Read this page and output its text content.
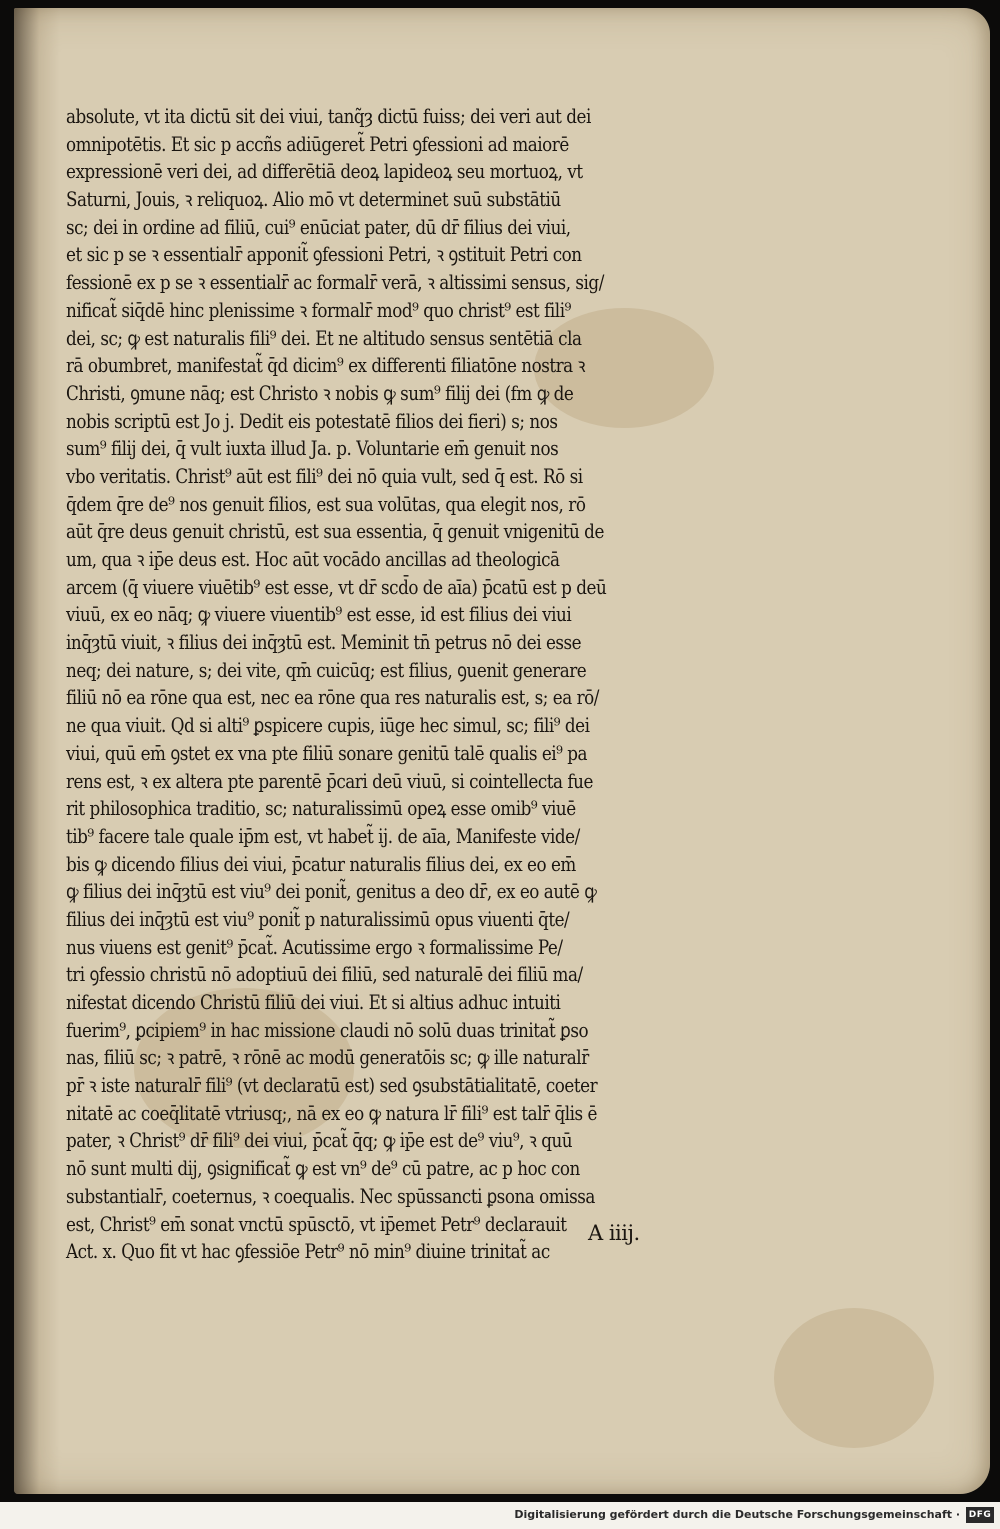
absolute, vt ita dictū sit dei viui, tanq̃ȝ dictū fuiss; dei veri aut dei
omnipotētis. Et sic p accñs adiūgeret̃ Petri ꝯfessioni ad maiorē
expressionē veri dei, ad differētiā deoꝝ lapideoꝝ seu mortuoꝝ, vt
Saturni, Jouis, ꝛ reliquoꝝ. Alio mō vt determinet suū substātiū
sc; dei in ordine ad filiū, cui⁹ enūciat pater, dū dr̄ filius dei viui,
et sic p se ꝛ essentialr̄ apponit̃ ꝯfessioni Petri, ꝛ ꝯstituit Petri con
fessionē ex p se ꝛ essentialr̄ ac formalr̄ verā, ꝛ altissimi sensus, sig/
nificat̃ siq̄dē hinc plenissime ꝛ formalr̄ mod⁹ quo christ⁹ est fili⁹
dei, sc; ꝙ est naturalis fili⁹ dei. Et ne altitudo sensus sentētiā cla
rā obumbret, manifestat̃ q̄d dicim⁹ ex differenti filiatōne nostra ꝛ
Christi, ꝯmune nāq; est Christo ꝛ nobis ꝙ sum⁹ filij dei (fm ꝙ de
nobis scriptū est Jo j. Dedit eis potestatē filios dei fieri) s; nos
sum⁹ filij dei, q̄ vult iuxta illud Ja. p. Voluntarie em̄ genuit nos
vbo veritatis. Christ⁹ aūt est fili⁹ dei nō quia vult, sed q̄ est. Rō si
q̄dem q̄re de⁹ nos genuit filios, est sua volūtas, qua elegit nos, rō
aūt q̄re deus genuit christū, est sua essentia, q̄ genuit vnigenitū de
um, qua ꝛ ip̄e deus est. Hoc aūt vocādo ancillas ad theologicā
arcem (q̄ viuere viuētib⁹ est esse, vt dr̄ scd̄o de aīa) p̄catū est p deū
viuū, ex eo nāq; ꝙ viuere viuentib⁹ est esse, id est filius dei viui
inq̄ȝtū viuit, ꝛ filius dei inq̄ȝtū est. Meminit tn̄ petrus nō dei esse
neq; dei nature, s; dei vite, qm̄ cuicūq; est filius, ꝯuenit generare
filiū nō ea rōne qua est, nec ea rōne qua res naturalis est, s; ea rō/
ne qua viuit. Qd si alti⁹ ꝑspicere cupis, iūge hec simul, sc; fili⁹ dei
viui, quū em̄ ꝯstet ex vna pte filiū sonare genitū talē qualis ei⁹ pa
rens est, ꝛ ex altera pte parentē p̄cari deū viuū, si cointellecta fue
rit philosophica traditio, sc; naturalissimū opeꝝ esse omib⁹ viuē
tib⁹ facere tale quale ip̄m est, vt habet̃ ij. de aīa, Manifeste vide/
bis ꝙ dicendo filius dei viui, p̄catur naturalis filius dei, ex eo em̄
ꝙ filius dei inq̄ȝtū est viu⁹ dei ponit̃, genitus a deo dr̄, ex eo autē ꝙ
filius dei inq̄ȝtū est viu⁹ ponit̃ p naturalissimū opus viuenti q̄te/
nus viuens est genit⁹ p̄cat̃. Acutissime ergo ꝛ formalissime Pe/
tri ꝯfessio christū nō adoptiuū dei filiū, sed naturalē dei filiū ma/
nifestat dicendo Christū filiū dei viui. Et si altius adhuc intuiti
fuerim⁹, ꝑcipiem⁹ in hac missione claudi nō solū duas trinitat̃ ꝑso
nas, filiū sc; ꝛ patrē, ꝛ rōnē ac modū generatōis sc; ꝙ ille naturalr̄
pr̄ ꝛ iste naturalr̄ fili⁹ (vt declaratū est) sed ꝯsubstātialitatē, coeter
nitatē ac coeq̄litatē vtriusq;, nā ex eo ꝙ natura lr̄ fili⁹ est talr̄ q̄lis ē
pater, ꝛ Christ⁹ dr̄ fili⁹ dei viui, p̄cat̃ q̄q; ꝙ ip̄e est de⁹ viu⁹, ꝛ quū
nō sunt multi dij, ꝯsignificat̃ ꝙ est vn⁹ de⁹ cū patre, ac p hoc con
substantialr̄, coeternus, ꝛ coequalis. Nec spūssancti ꝑsona omissa
est, Christ⁹ em̄ sonat vnctū spūsctō, vt ip̄emet Petr⁹ declarauit
Act. x. Quo fit vt hac ꝯfessiōe Petr⁹ nō min⁹ diuine trinitat̃ ac
A iiij.
Digitalisierung gefördert durch die Deutsche Forschungsgemeinschaft · DFG
